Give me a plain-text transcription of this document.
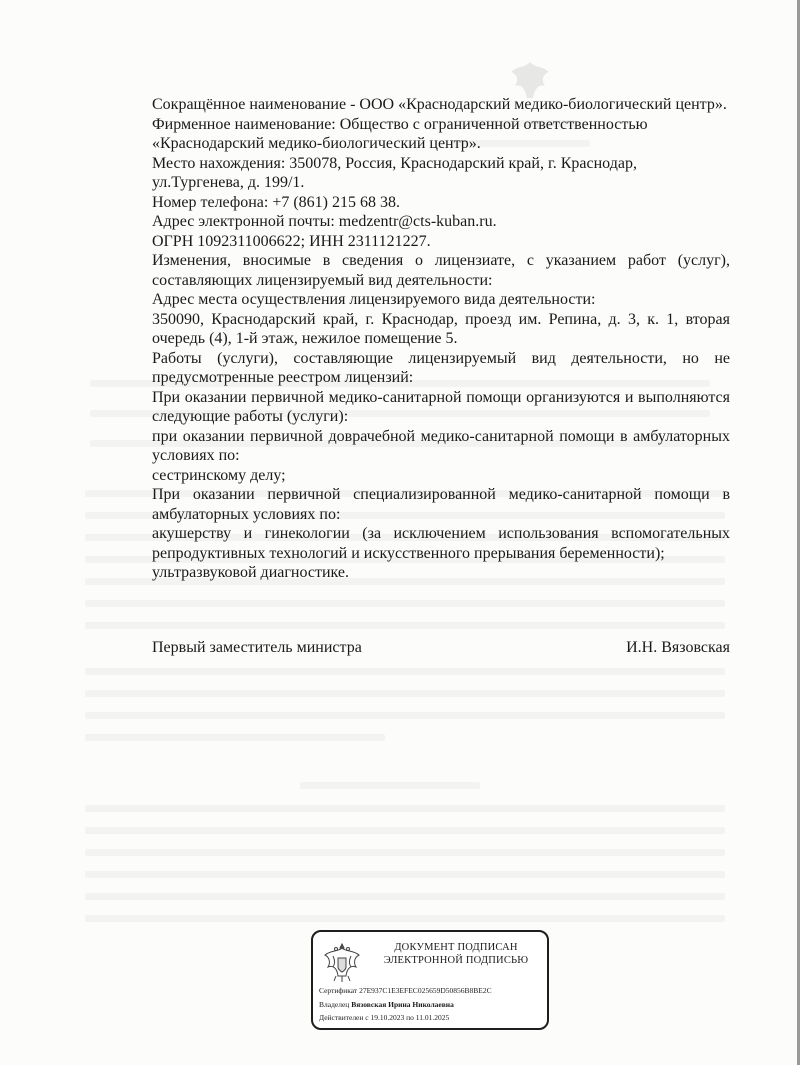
Сокращённое наименование - ООО «Краснодарский медико-биологический центр».

Фирменное наименование: Общество с ограниченной ответственностью «Краснодарский медико-биологический центр».

Место нахождения: 350078, Россия, Краснодарский край, г. Краснодар, ул.Тургенева, д. 199/1.

Номер телефона: +7 (861) 215 68 38.

Адрес электронной почты: medzentr@cts-kuban.ru.

ОГРН 1092311006622; ИНН 2311121227.

Изменения, вносимые в сведения о лицензиате, с указанием работ (услуг), составляющих лицензируемый вид деятельности:

Адрес места осуществления лицензируемого вида деятельности:

350090, Краснодарский край, г. Краснодар, проезд им. Репина, д. 3, к. 1, вторая очередь (4), 1-й этаж, нежилое помещение 5.

Работы (услуги), составляющие лицензируемый вид деятельности, но не предусмотренные реестром лицензий:

При оказании первичной медико-санитарной помощи организуются и выполняются следующие работы (услуги):

при оказании первичной доврачебной медико-санитарной помощи в амбулаторных условиях по:

сестринскому делу;

При оказании первичной специализированной медико-санитарной помощи в амбулаторных условиях по:

акушерству и гинекологии (за исключением использования вспомогательных репродуктивных технологий и искусственного прерывания беременности);

ультразвуковой диагностике.

Первый заместитель министра	И.Н. Вязовская
ДОКУМЕНТ ПОДПИСАН
ЭЛЕКТРОННОЙ ПОДПИСЬЮ
Сертификат 27E937C1E3EFEC025659D50856B8BE2C
Владелец Вязовская Ирина Николаевна
Действителен с 19.10.2023 по 11.01.2025
